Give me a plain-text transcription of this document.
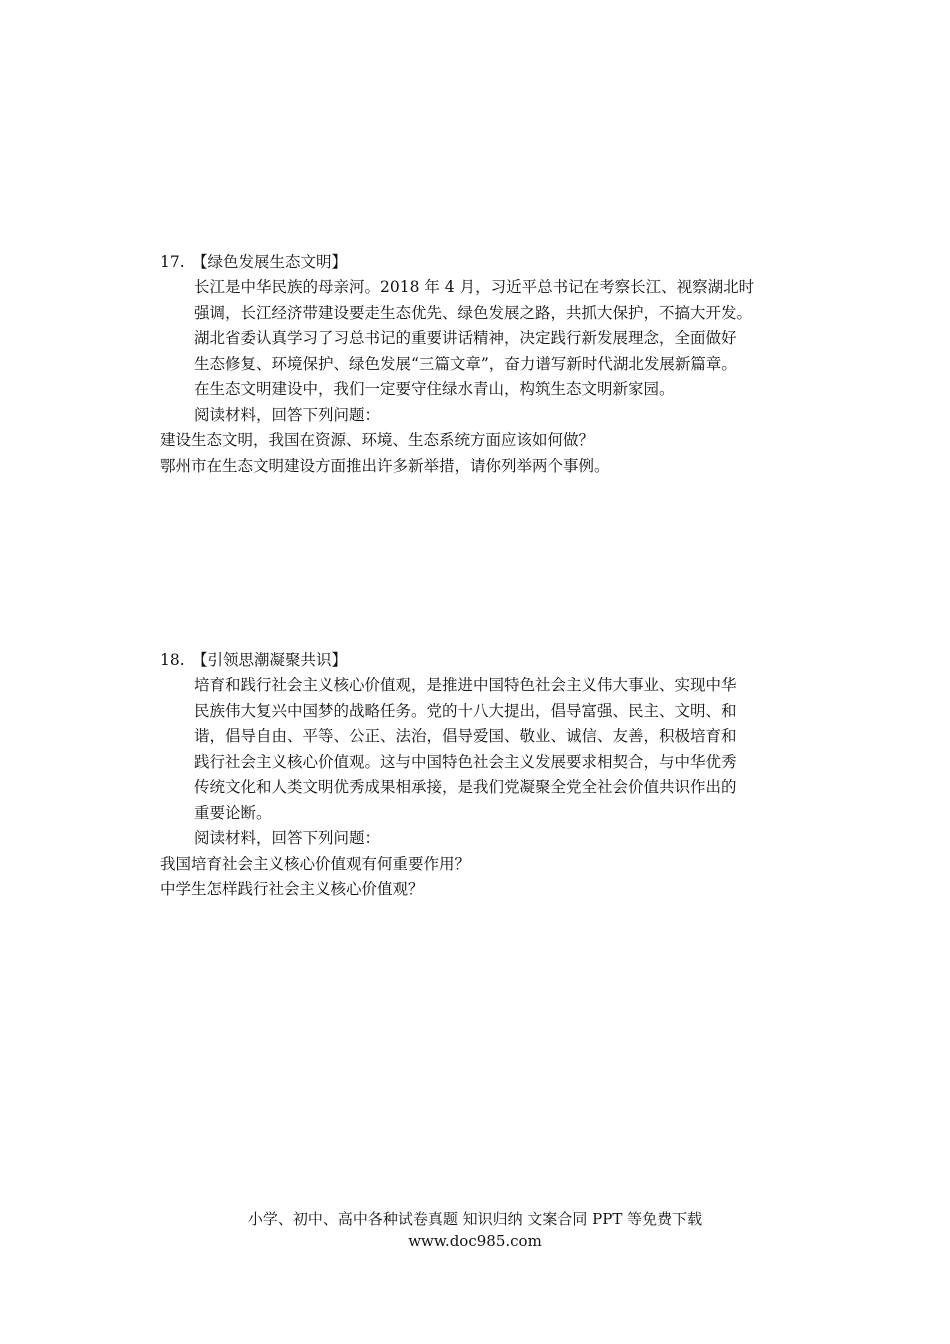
17. 【绿色发展生态文明】
长江是中华民族的母亲河。2018 年 4 月，习近平总书记在考察长江、视察湖北时
强调，长江经济带建设要走生态优先、绿色发展之路，共抓大保护，不搞大开发。
湖北省委认真学习了习总书记的重要讲话精神，决定践行新发展理念，全面做好
生态修复、环境保护、绿色发展“三篇文章”，奋力谱写新时代湖北发展新篇章。
在生态文明建设中，我们一定要守住绿水青山，构筑生态文明新家园。
阅读材料，回答下列问题：
建设生态文明，我国在资源、环境、生态系统方面应该如何做？
鄂州市在生态文明建设方面推出许多新举措，请你列举两个事例。
18. 【引领思潮凝聚共识】
培育和践行社会主义核心价值观，是推进中国特色社会主义伟大事业、实现中华
民族伟大复兴中国梦的战略任务。党的十八大提出，倡导富强、民主、文明、和
谐，倡导自由、平等、公正、法治，倡导爱国、敬业、诚信、友善，积极培育和
践行社会主义核心价值观。这与中国特色社会主义发展要求相契合，与中华优秀
传统文化和人类文明优秀成果相承接，是我们党凝聚全党全社会价值共识作出的
重要论断。
阅读材料，回答下列问题：
我国培育社会主义核心价值观有何重要作用？
中学生怎样践行社会主义核心价值观？
小学、初中、高中各种试卷真题 知识归纳 文案合同 PPT 等免费下载
www.doc985.com
